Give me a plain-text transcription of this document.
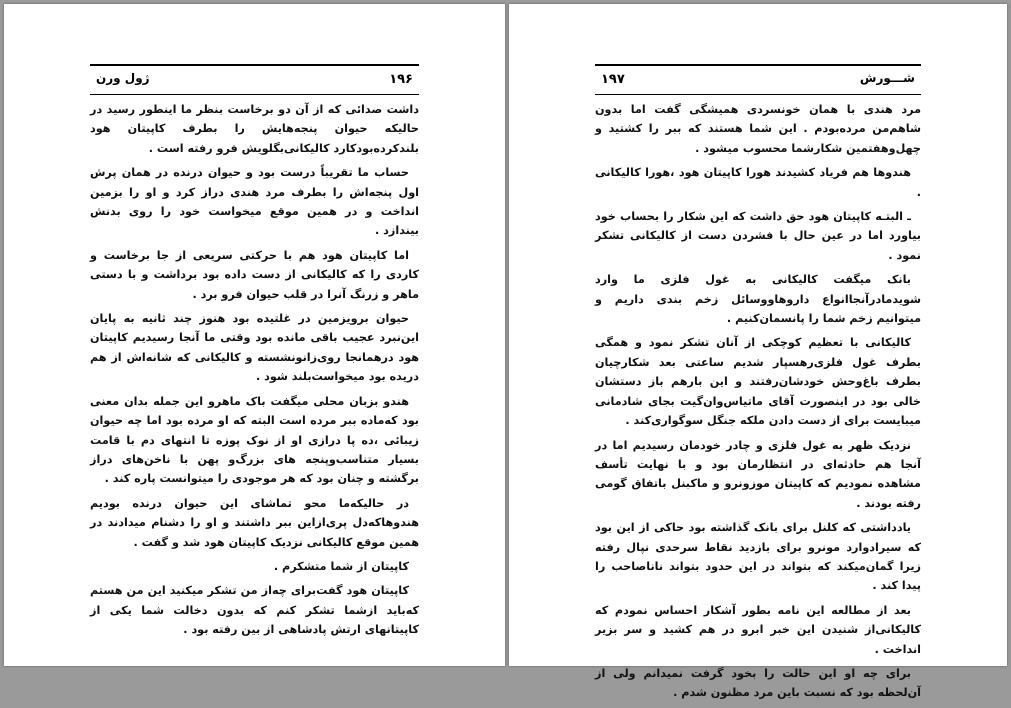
۱۹۶
ژول ورن

داشت صدائی که از آن دو برخاست بنظر ما اینطور رسید در حالیکه حیوان پنجه‌هایش را بطرف کاپیتان هود بلندکرده‌بود‌کارد کالیکانی‌بگلویش فرو رفته است .

حساب ما تقریباً درست بود و حیوان درنده در همان پرش اول پنجه‌اش را بطرف مرد هندی دراز کرد و او را بزمین انداخت و در همین موقع میخواست خود را روی بدنش بیندازد .

اما کاپیتان هود هم با حرکتی سریعی از جا برخاست و کاردی را که کالیکانی از دست داده بود برداشت و با دستی ماهر و زرنگ آنرا در قلب حیوان فرو برد .

حیوان برویزمین در غلتیده بود هنوز چند ثانیه به پایان این‌نبرد عجیب باقی مانده بود وقتی ما آنجا رسیدیم کاپیتان هود درهمانجا روی‌زانونشسته و کالیکانی که شانه‌اش از هم دریده بود میخواست‌بلند شود .

هندو بزبان محلی میگفت باک ماهرو این جمله بدان معنی بود که‌ماده ببر مرده است البته که او مرده بود اما چه حیوان زیبائی ،ده پا درازی او از نوک پوزه تا انتهای دم با قامت بسیار متناسب‌وپنجه های بزرگ‌و پهن با ناخن‌های دراز برگشته و چنان بود که هر موجودی را میتوانست پاره کند .

در حالیکه‌ما محو تماشای این حیوان درنده بودیم هندوهاکه‌دل پری‌ازاین ببر داشتند و او را دشنام میدادند در همین موقع کالیکانی نزدیک کاپیتان هود شد و گفت .

کاپیتان از شما متشکرم .

کاپیتان هود گفت‌برای چه‌از من تشکر میکنید این من هستم که‌باید از‌شما تشکر کنم که بدون دخالت شما یکی از کاپیتانهای ارتش پادشاهی از بین رفته بود .

۱۹۷	شـــورش

مرد هندی با همان خونسردی همیشگی گفت اما بدون شاهم‌من مرده‌بودم . این شما هستند که ببر را کشتید و چهل‌وهفتمین شکارشما محسوب میشود .

هندوها هم فریاد کشیدند هورا کاپیتان هود ،هورا کالیکانی .

ـ البتـه کاپیتان هود حق داشت که این شکار را بحساب خود بیاورد اما در عین حال با فشردن دست از کالیکانی تشکر نمود .

بانک میگفت کالیکانی به غول فلزی ما وارد شویدمادرآنجاانواع داروها‌ووسائل زخم بندی داریم و میتوانیم زخم شما را پانسمان‌کنیم .

کالیکانی با تعظیم کوچکی از آنان تشکر نمود و همگی بطرف غول فلزی‌رهسپار شدیم ساعتی بعد شکارچیان بطرف باغ‌وحش خودشان‌رفتند و این بارهم باز دستشان خالی بود در اینصورت آقای ماتیاس‌وان‌گیت بجای شادمانی میبایست برای از دست دادن ملکه جنگل سوگواری‌کند .

نزدیک ظهر به غول فلزی و چادر خودمان رسیدیم اما در آنجا هم حادثه‌ای در انتظارمان بود و با نهایت تأسف مشاهده نمودیم که کاپیتان موزونرو و ماکبنل باتفاق گومی رفته بودند .

یادداشتی که کلنل برای بانک گذاشته بود حاکی از این بود که سیرادوارد مونرو برای بازدید نقاط سرحدی نپال رفته زیرا گمان‌میکند که بتواند در این حدود بتواند ناناصاحب را پیدا کند .

بعد از مطالعه این نامه بطور آشکار احساس نمودم که کالیکانی‌از شنیدن این خبر ابرو در هم کشید و سر بزیر انداخت .

برای چه او این حالت را بخود گرفت نمیدانم ولی از آن‌لحظه بود که نسبت باین مرد مظنون شدم .
